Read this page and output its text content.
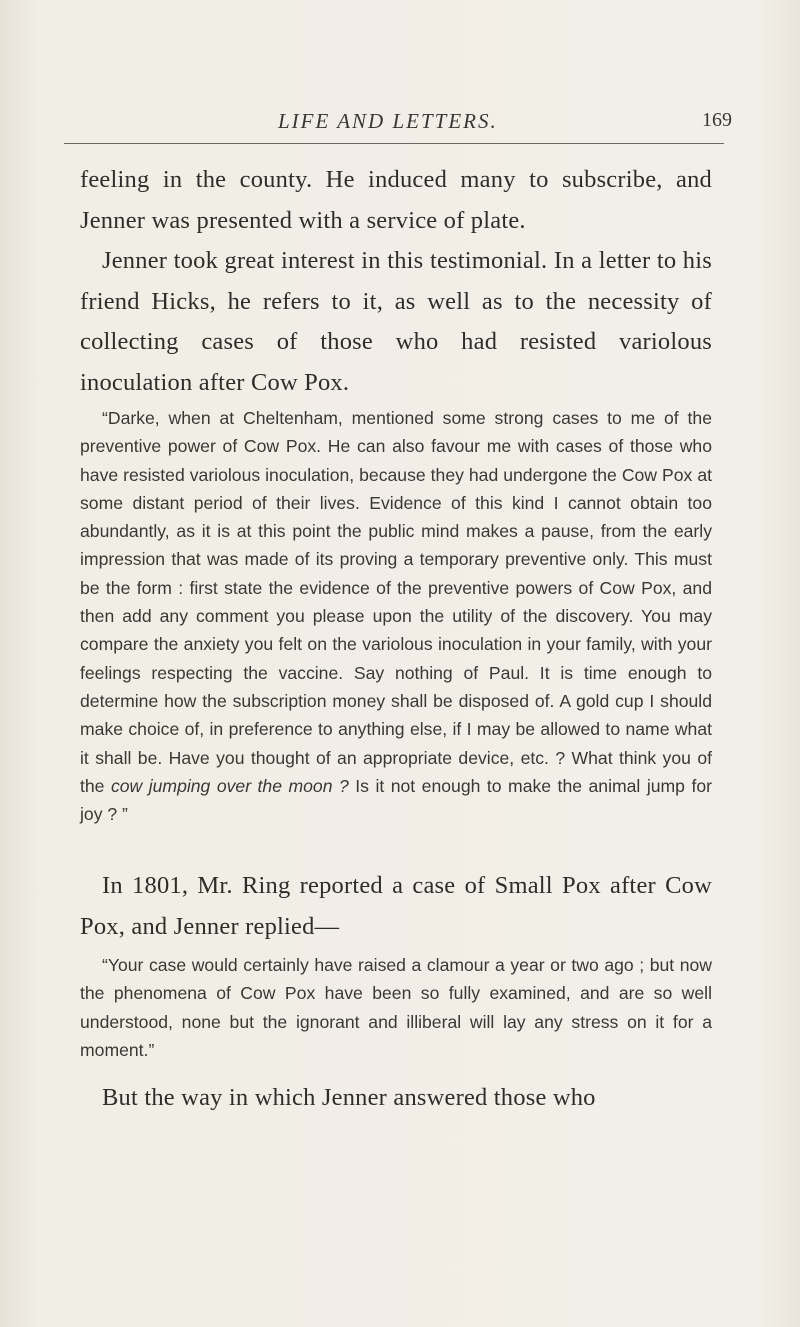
LIFE AND LETTERS.	169

feeling in the county. He induced many to subscribe, and Jenner was presented with a service of plate.

Jenner took great interest in this testimonial. In a letter to his friend Hicks, he refers to it, as well as to the necessity of collecting cases of those who had resisted variolous inoculation after Cow Pox.

“Darke, when at Cheltenham, mentioned some strong cases to me of the preventive power of Cow Pox. He can also favour me with cases of those who have resisted variolous inoculation, because they had undergone the Cow Pox at some distant period of their lives. Evidence of this kind I cannot obtain too abundantly, as it is at this point the public mind makes a pause, from the early impression that was made of its proving a temporary preventive only. This must be the form : first state the evidence of the preventive powers of Cow Pox, and then add any comment you please upon the utility of the discovery. You may compare the anxiety you felt on the variolous inoculation in your family, with your feelings respecting the vaccine. Say nothing of Paul. It is time enough to determine how the subscription money shall be disposed of. A gold cup I should make choice of, in preference to anything else, if I may be allowed to name what it shall be. Have you thought of an appropriate device, etc. ? What think you of the cow jumping over the moon ? Is it not enough to make the animal jump for joy ? ”

In 1801, Mr. Ring reported a case of Small Pox after Cow Pox, and Jenner replied—

“Your case would certainly have raised a clamour a year or two ago ; but now the phenomena of Cow Pox have been so fully examined, and are so well understood, none but the ignorant and illiberal will lay any stress on it for a moment.”

But the way in which Jenner answered those who
